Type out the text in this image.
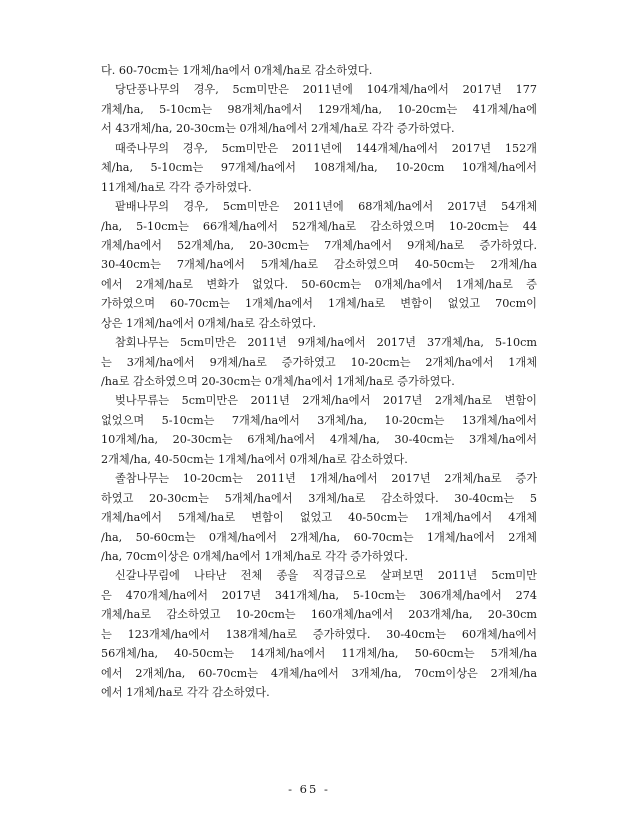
다. 60-70cm는 1개체/ha에서 0개체/ha로 감소하였다.
당단풍나무의 경우, 5cm미만은 2011년에 104개체/ha에서 2017년 177
개체/ha, 5-10cm는 98개체/ha에서 129개체/ha, 10-20cm는 41개체/ha에
서 43개체/ha, 20-30cm는 0개체/ha에서 2개체/ha로 각각 증가하였다.
때죽나무의 경우, 5cm미만은 2011년에 144개체/ha에서 2017년 152개
체/ha, 5-10cm는 97개체/ha에서 108개체/ha, 10-20cm 10개체/ha에서
11개체/ha로 각각 증가하였다.
팥배나무의 경우, 5cm미만은 2011년에 68개체/ha에서 2017년 54개체
/ha, 5-10cm는 66개체/ha에서 52개체/ha로 감소하였으며 10-20cm는 44
개체/ha에서 52개체/ha, 20-30cm는 7개체/ha에서 9개체/ha로 증가하였다.
30-40cm는 7개체/ha에서 5개체/ha로 감소하였으며 40-50cm는 2개체/ha
에서 2개체/ha로 변화가 없었다. 50-60cm는 0개체/ha에서 1개체/ha로 증
가하였으며 60-70cm는 1개체/ha에서 1개체/ha로 변함이 없었고 70cm이
상은 1개체/ha에서 0개체/ha로 감소하였다.
참회나무는 5cm미만은 2011년 9개체/ha에서 2017년 37개체/ha, 5-10cm
는 3개체/ha에서 9개체/ha로 증가하였고 10-20cm는 2개체/ha에서 1개체
/ha로 감소하였으며 20-30cm는 0개체/ha에서 1개체/ha로 증가하였다.
벚나무류는 5cm미만은 2011년 2개체/ha에서 2017년 2개체/ha로 변함이
없었으며 5-10cm는 7개체/ha에서 3개체/ha, 10-20cm는 13개체/ha에서
10개체/ha, 20-30cm는 6개체/ha에서 4개체/ha, 30-40cm는 3개체/ha에서
2개체/ha, 40-50cm는 1개체/ha에서 0개체/ha로 감소하였다.
졸참나무는 10-20cm는 2011년 1개체/ha에서 2017년 2개체/ha로 증가
하였고 20-30cm는 5개체/ha에서 3개체/ha로 감소하였다. 30-40cm는 5
개체/ha에서 5개체/ha로 변함이 없었고 40-50cm는 1개체/ha에서 4개체
/ha, 50-60cm는 0개체/ha에서 2개체/ha, 60-70cm는 1개체/ha에서 2개체
/ha, 70cm이상은 0개체/ha에서 1개체/ha로 각각 증가하였다.
신갈나무림에 나타난 전체 종을 직경급으로 살펴보면 2011년 5cm미만
은 470개체/ha에서 2017년 341개체/ha, 5-10cm는 306개체/ha에서 274
개체/ha로 감소하였고 10-20cm는 160개체/ha에서 203개체/ha, 20-30cm
는 123개체/ha에서 138개체/ha로 증가하였다. 30-40cm는 60개체/ha에서
56개체/ha, 40-50cm는 14개체/ha에서 11개체/ha, 50-60cm는 5개체/ha
에서 2개체/ha, 60-70cm는 4개체/ha에서 3개체/ha, 70cm이상은 2개체/ha
에서 1개체/ha로 각각 감소하였다.
- 65 -
